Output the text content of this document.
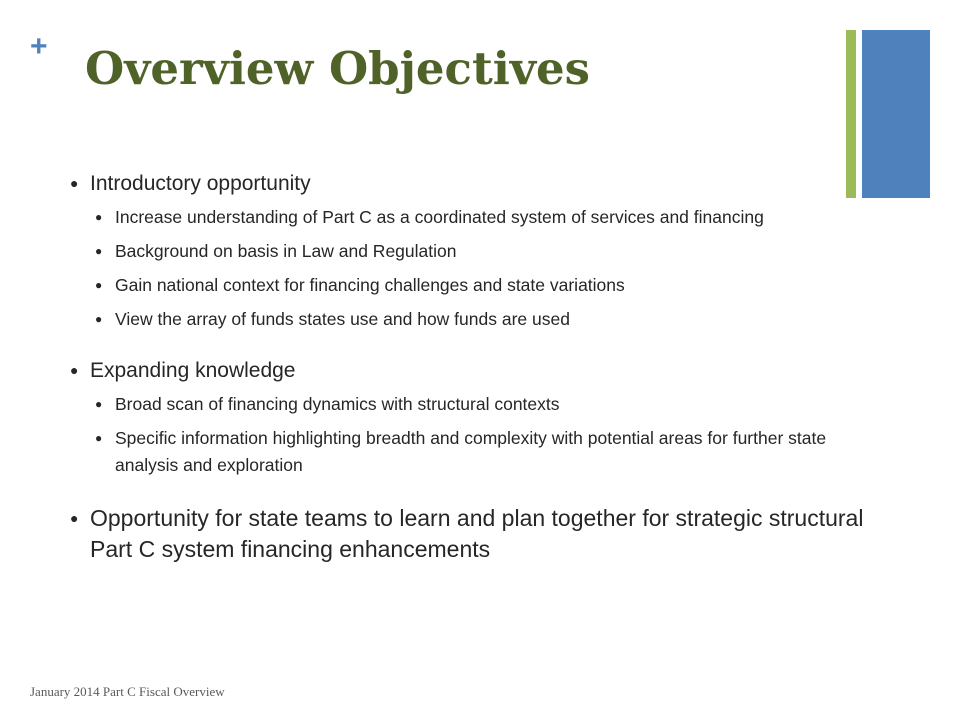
+ Overview Objectives
● Introductory opportunity
● Increase understanding of Part C as a coordinated system of services and financing
● Background on basis in Law and Regulation
● Gain national context for financing challenges and state variations
● View the array of funds states use and how funds are used
● Expanding knowledge
● Broad scan of financing dynamics with structural contexts
● Specific information highlighting breadth and complexity with potential areas for further state analysis and exploration
● Opportunity for state teams to learn and plan together for strategic structural Part C system financing enhancements
January 2014 Part C Fiscal Overview
